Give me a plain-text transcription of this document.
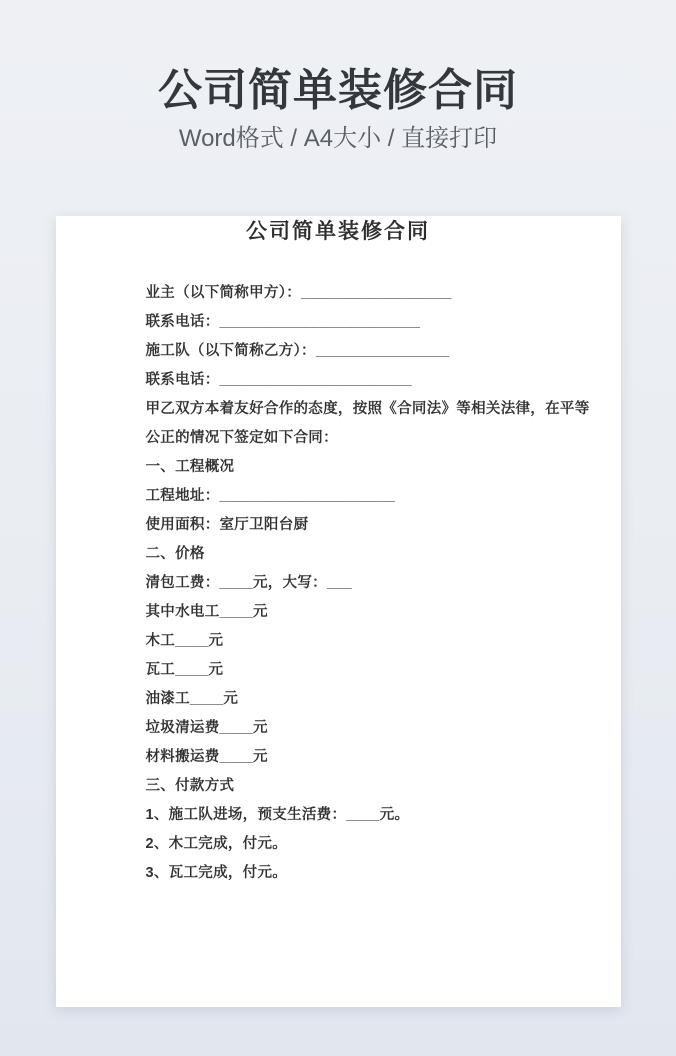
公司简单装修合同

Word格式 / A4大小 / 直接打印

公司简单装修合同

业主（以下简称甲方）：__________________

联系电话：________________________

施工队（以下简称乙方）：________________

联系电话：_______________________

甲乙双方本着友好合作的态度，按照《合同法》等相关法律，在平等

公正的情况下签定如下合同：

一、工程概况

工程地址：_____________________

使用面积：室厅卫阳台厨

二、价格

清包工费：____元，大写：___

其中水电工____元

木工____元

瓦工____元

油漆工____元

垃圾清运费____元

材料搬运费____元

三、付款方式

1、施工队进场，预支生活费：____元。

2、木工完成，付元。

3、瓦工完成，付元。
